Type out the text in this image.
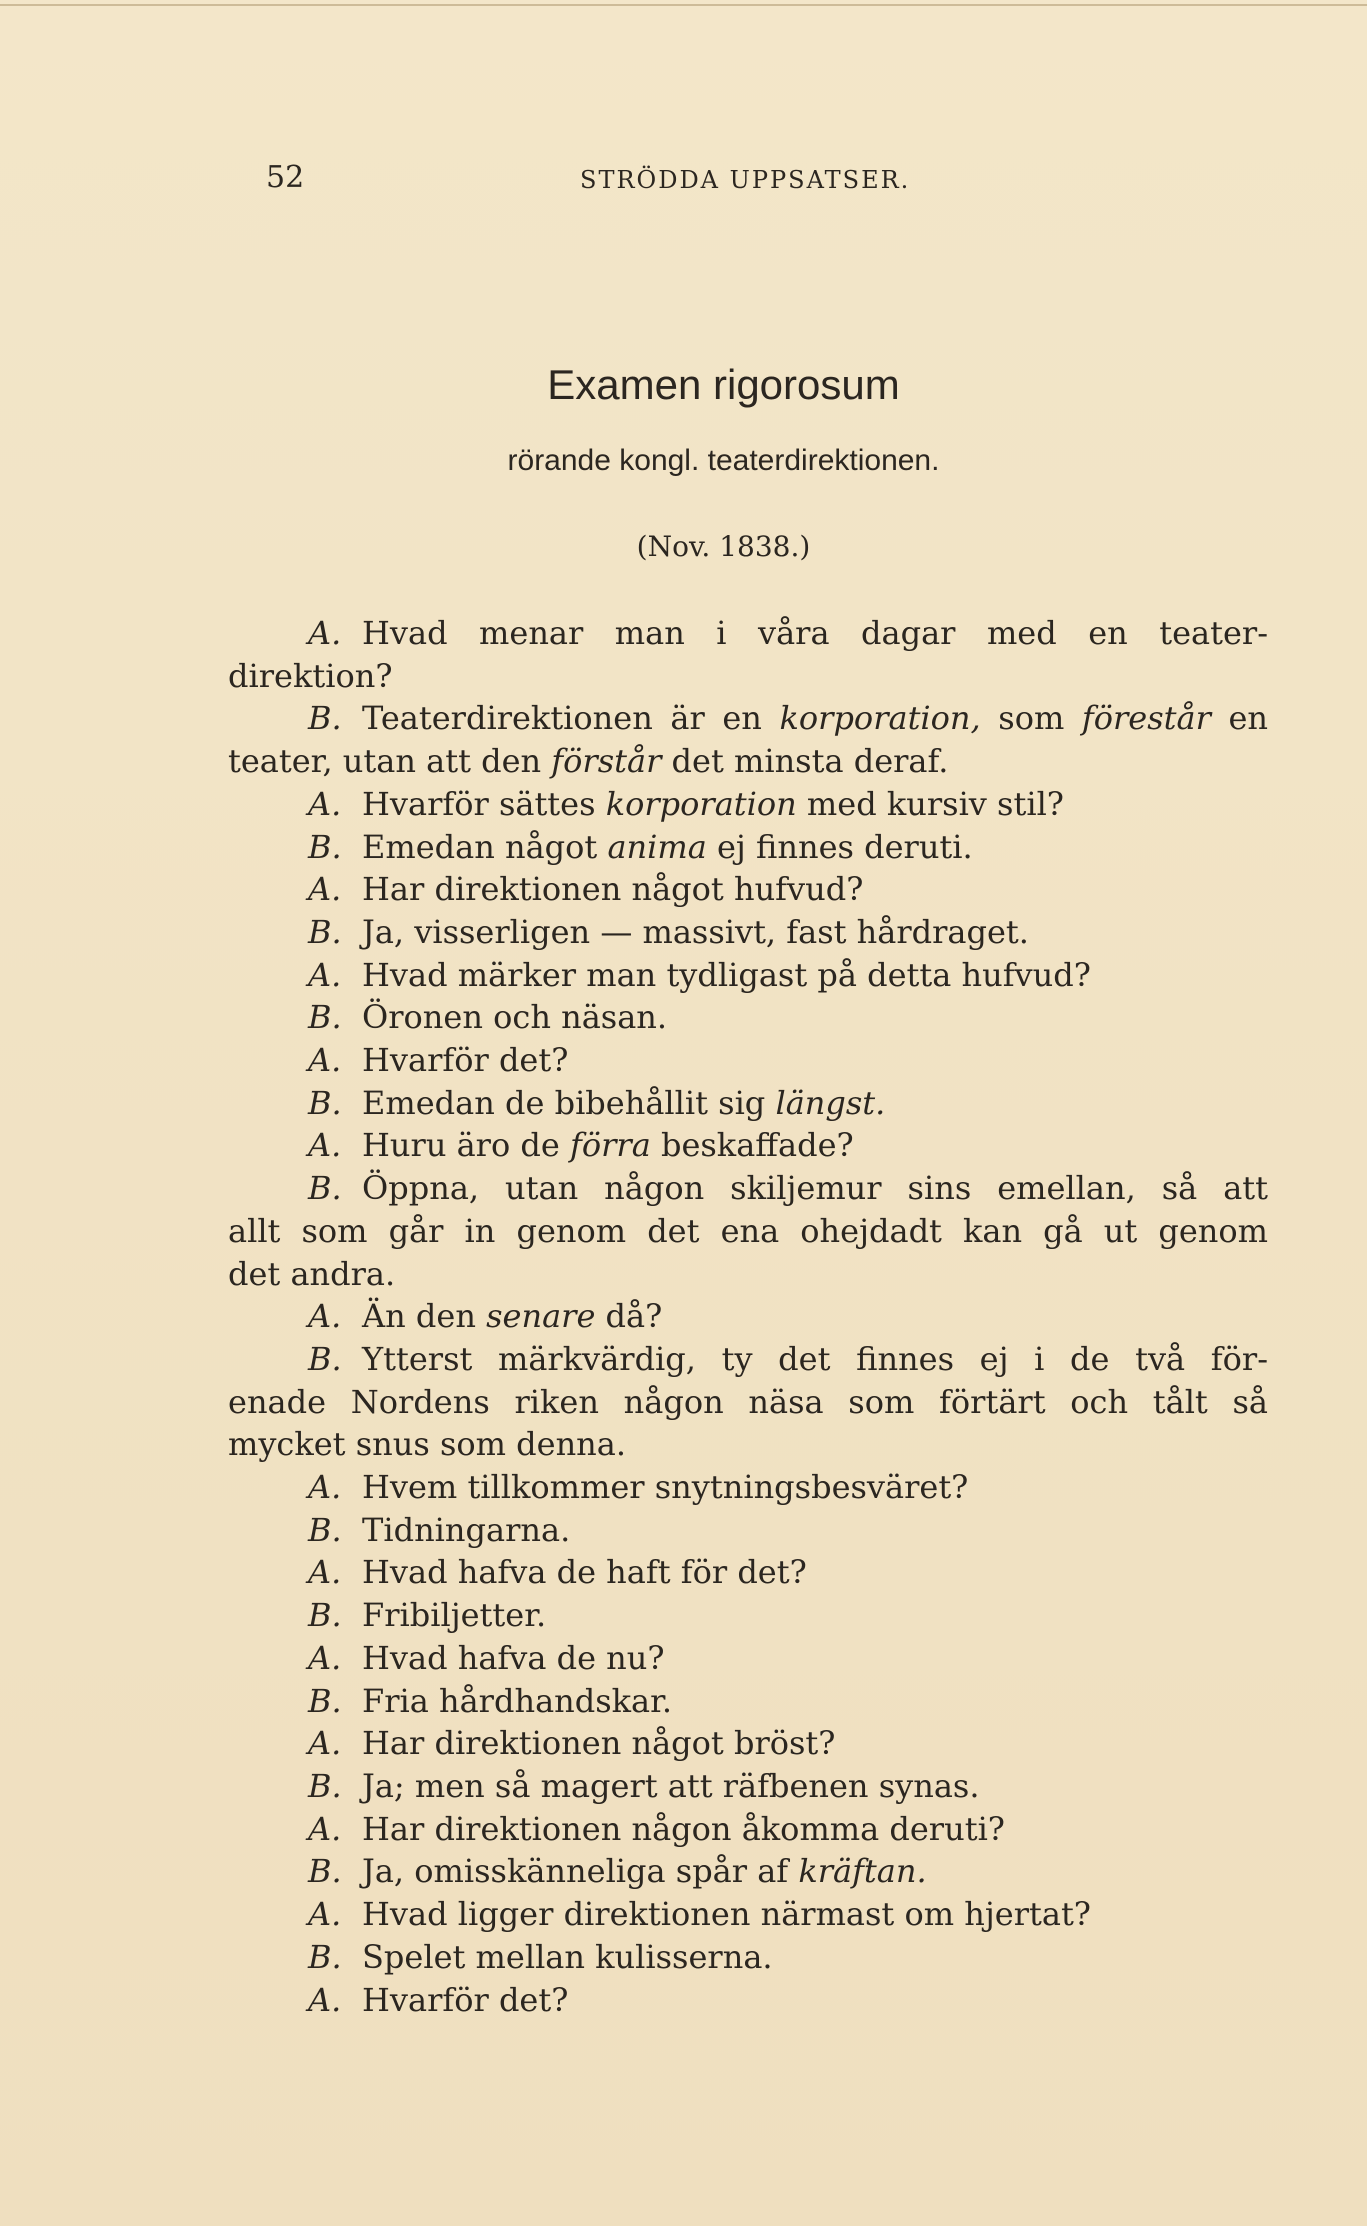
52	STRÖDDA UPPSATSER.
Examen rigorosum
rörande kongl. teaterdirektionen.
(Nov. 1838.)
A. Hvad menar man i våra dagar med en teater-
direktion?
B. Teaterdirektionen är en korporation, som förestår en
teater, utan att den förstår det minsta deraf.
A. Hvarför sättes korporation med kursiv stil?
B. Emedan något anima ej finnes deruti.
A. Har direktionen något hufvud?
B. Ja, visserligen — massivt, fast hårdraget.
A. Hvad märker man tydligast på detta hufvud?
B. Öronen och näsan.
A. Hvarför det?
B. Emedan de bibehållit sig längst.
A. Huru äro de förra beskaffade?
B. Öppna, utan någon skiljemur sins emellan, så att
allt som går in genom det ena ohejdadt kan gå ut genom
det andra.
A. Än den senare då?
B. Ytterst märkvärdig, ty det finnes ej i de två för-
enade Nordens riken någon näsa som förtärt och tålt så
mycket snus som denna.
A. Hvem tillkommer snytningsbesväret?
B. Tidningarna.
A. Hvad hafva de haft för det?
B. Fribiljetter.
A. Hvad hafva de nu?
B. Fria hårdhandskar.
A. Har direktionen något bröst?
B. Ja; men så magert att räfbenen synas.
A. Har direktionen någon åkomma deruti?
B. Ja, omisskänneliga spår af kräftan.
A. Hvad ligger direktionen närmast om hjertat?
B. Spelet mellan kulisserna.
A. Hvarför det?
